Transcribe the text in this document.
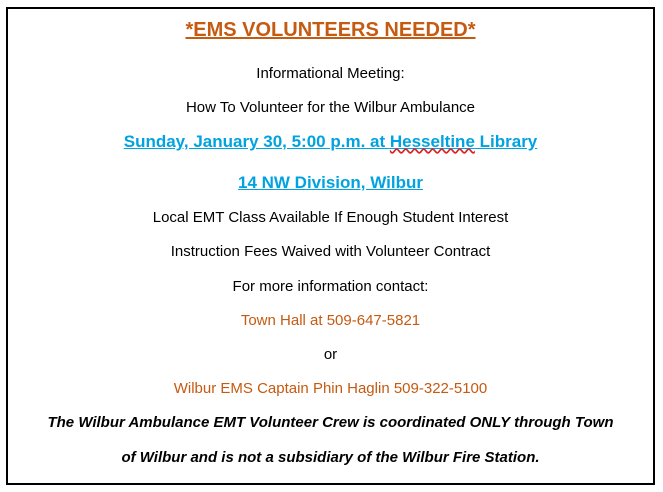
*EMS VOLUNTEERS NEEDED*
Informational Meeting:
How To Volunteer for the Wilbur Ambulance
Sunday, January 30, 5:00 p.m. at Hesseltine Library
14 NW Division, Wilbur
Local EMT Class Available If Enough Student Interest
Instruction Fees Waived with Volunteer Contract
For more information contact:
Town Hall at 509-647-5821
or
Wilbur EMS Captain Phin Haglin 509-322-5100
The Wilbur Ambulance EMT Volunteer Crew is coordinated ONLY through Town
of Wilbur and is not a subsidiary of the Wilbur Fire Station.
